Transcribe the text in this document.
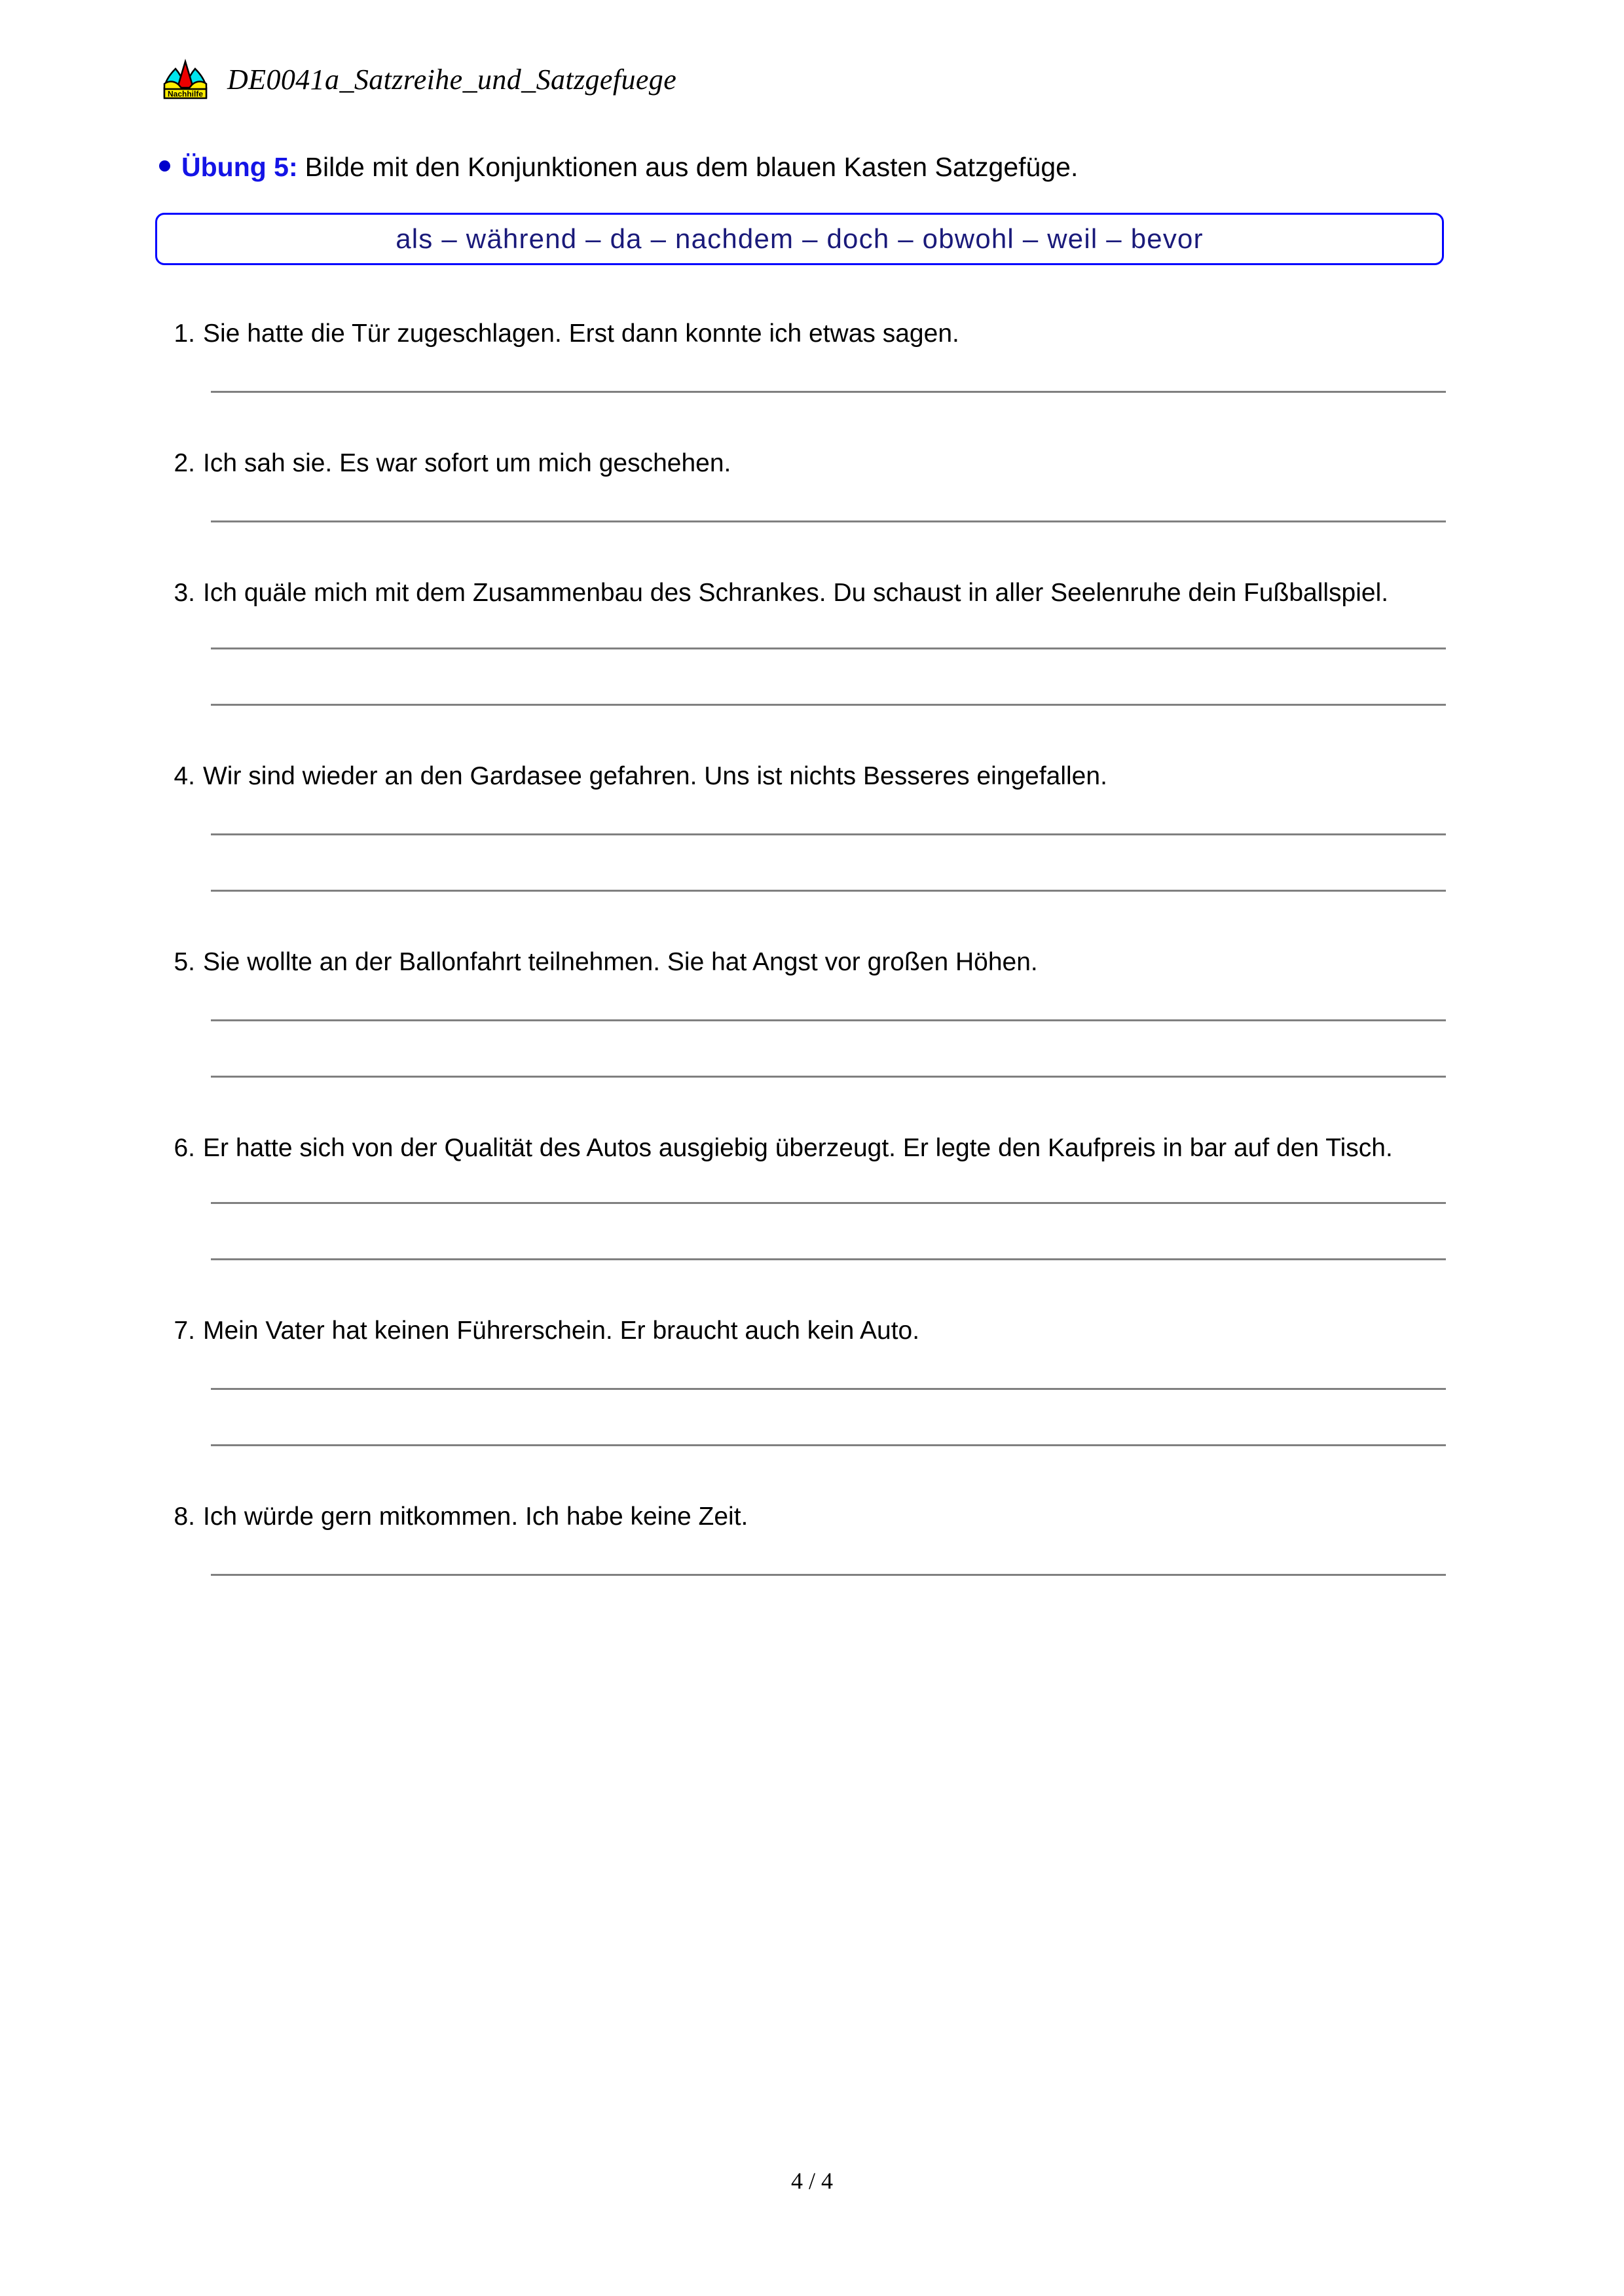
Nachhilfe DE0041a_Satzreihe_und_Satzgefuege
Übung 5: Bilde mit den Konjunktionen aus dem blauen Kasten Satzgefüge.
als – während – da – nachdem – doch – obwohl – weil – bevor
1. Sie hatte die Tür zugeschlagen. Erst dann konnte ich etwas sagen.
2. Ich sah sie. Es war sofort um mich geschehen.
3. Ich quäle mich mit dem Zusammenbau des Schrankes. Du schaust in aller Seelenruhe dein Fußballspiel.
4. Wir sind wieder an den Gardasee gefahren. Uns ist nichts Besseres eingefallen.
5. Sie wollte an der Ballonfahrt teilnehmen. Sie hat Angst vor großen Höhen.
6. Er hatte sich von der Qualität des Autos ausgiebig überzeugt. Er legte den Kaufpreis in bar auf den Tisch.
7. Mein Vater hat keinen Führerschein. Er braucht auch kein Auto.
8. Ich würde gern mitkommen. Ich habe keine Zeit.
4 / 4
